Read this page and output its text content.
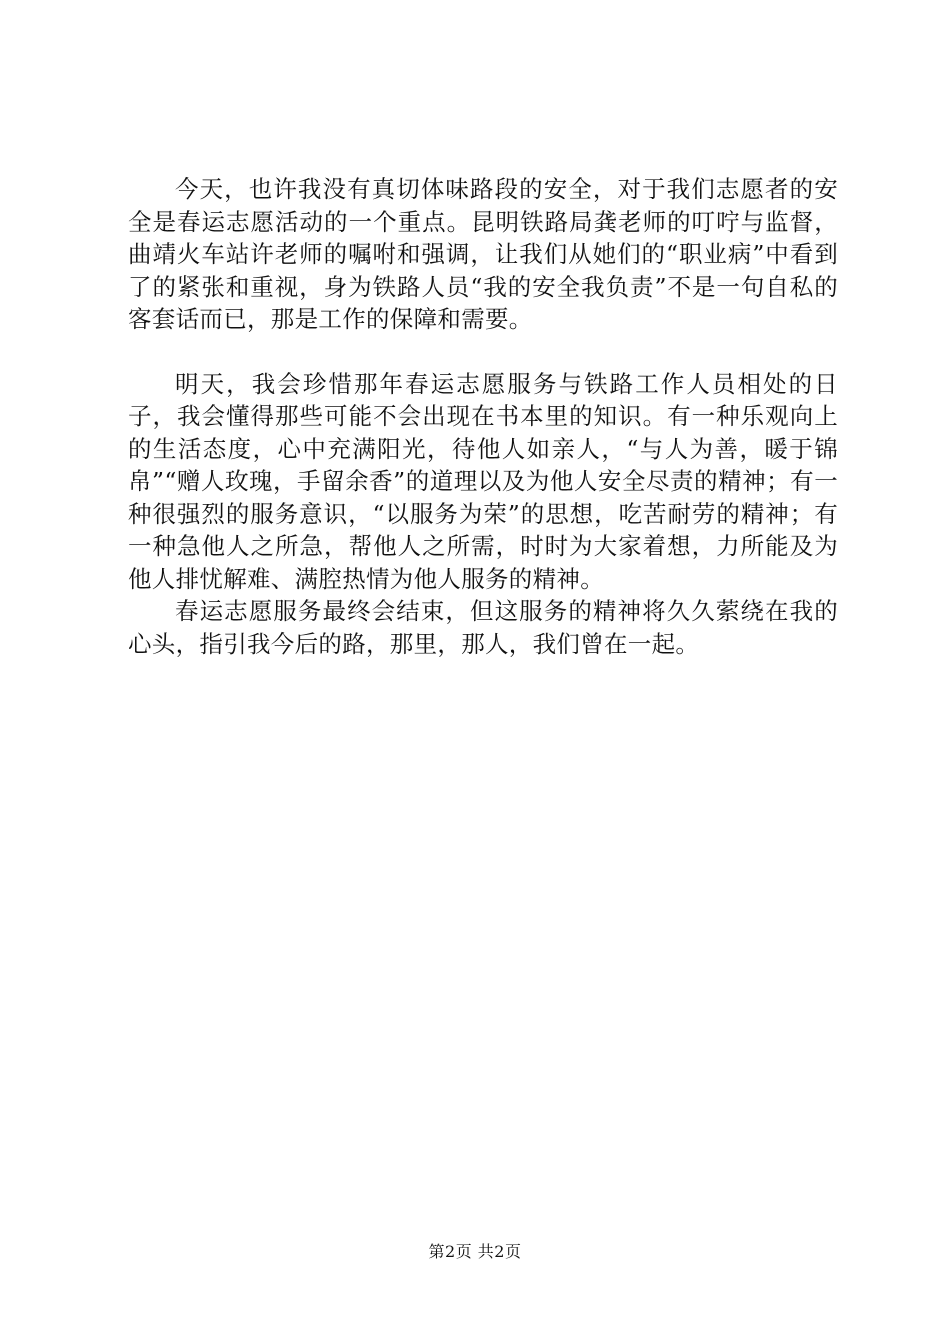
今天，也许我没有真切体味路段的安全，对于我们志愿者的安全是春运志愿活动的一个重点。昆明铁路局龚老师的叮咛与监督，曲靖火车站许老师的嘱咐和强调，让我们从她们的“职业病”中看到了的紧张和重视，身为铁路人员“我的安全我负责”不是一句自私的客套话而已，那是工作的保障和需要。

明天，我会珍惜那年春运志愿服务与铁路工作人员相处的日子，我会懂得那些可能不会出现在书本里的知识。有一种乐观向上的生活态度，心中充满阳光，待他人如亲人，“与人为善，暖于锦帛”“赠人玫瑰，手留余香”的道理以及为他人安全尽责的精神；有一种很强烈的服务意识，“以服务为荣”的思想，吃苦耐劳的精神；有一种急他人之所急，帮他人之所需，时时为大家着想，力所能及为他人排忧解难、满腔热情为他人服务的精神。

春运志愿服务最终会结束，但这服务的精神将久久萦绕在我的心头，指引我今后的路，那里，那人，我们曾在一起。

第2页 共2页
